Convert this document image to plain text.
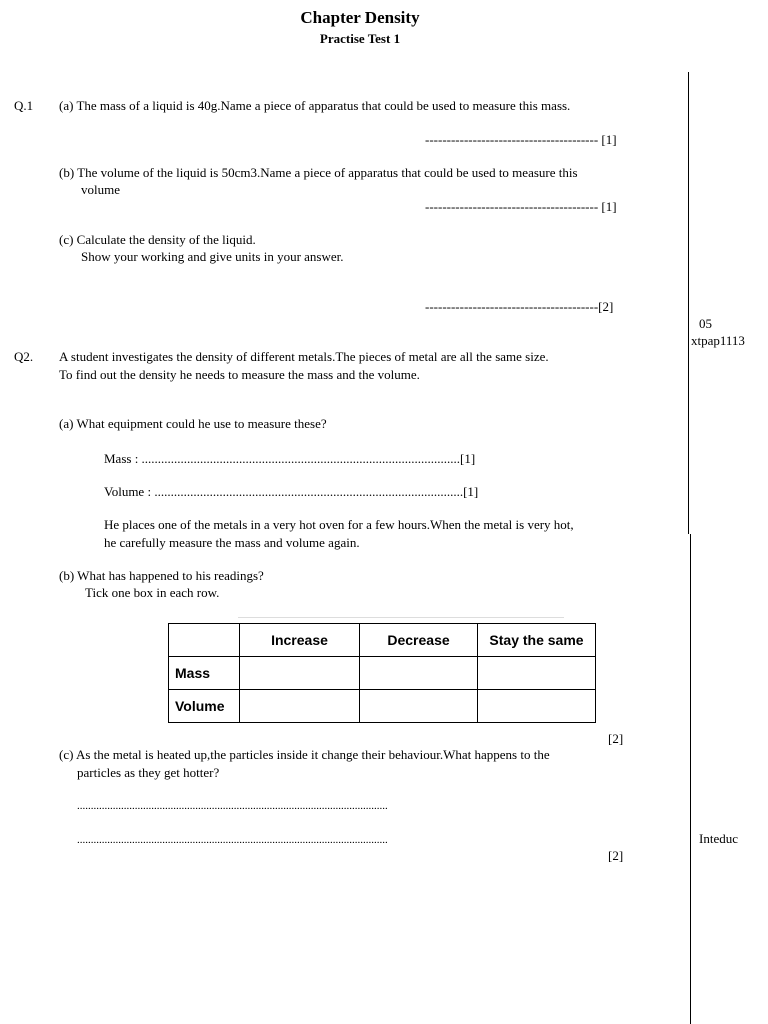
Chapter Density
Practise Test 1
Q.1 (a) The mass of a liquid is 40g.Name a piece of apparatus that could be used to measure this mass.
---------------------------------------- [1]
(b) The volume of the liquid is 50cm3.Name a piece of apparatus that could be used to measure this
volume
---------------------------------------- [1]
(c) Calculate the density of the liquid.
Show your working and give units in your answer.
----------------------------------------[2]
05
xtpap1113
Inteduc
Q2. A student investigates the density of different metals.The pieces of metal are all the same size.
To find out the density he needs to measure the mass and the volume.
(a) What equipment could he use to measure these?
Mass : ..................................................................................................[1]
Volume : ...............................................................................................[1]
He places one of the metals in a very hot oven for a few hours.When the metal is very hot,
he carefully measure the mass and volume again.
(b) What has happened to his readings?
Tick one box in each row.
	Increase	Decrease	Stay the same
Mass			
Volume			
[2]
(c) As the metal is heated up,the particles inside it change their behaviour.What happens to the
particles as they get hotter?
.................................................................................................................
.................................................................................................................
[2]
